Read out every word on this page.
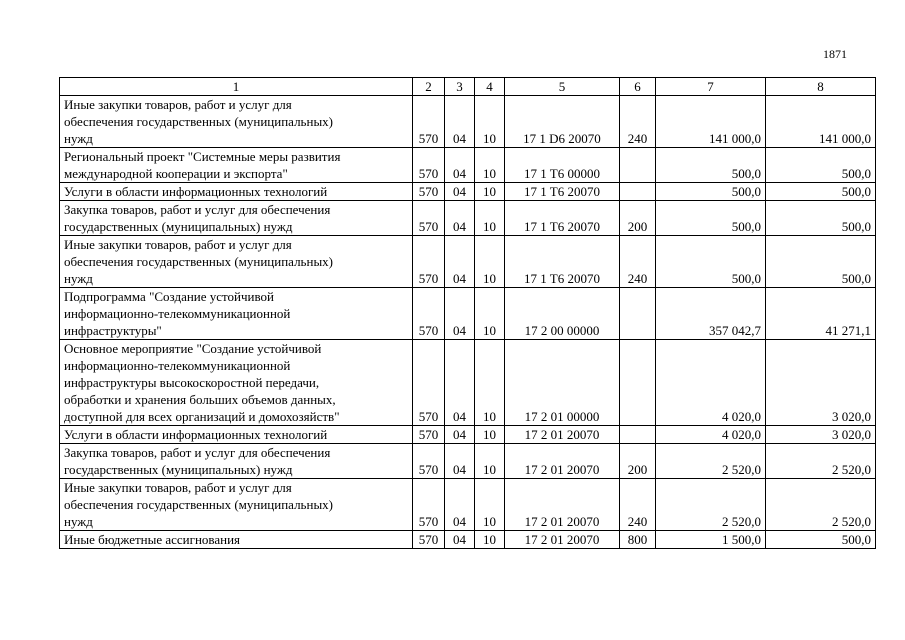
1871
1	2	3	4	5	6	7	8
Иные закупки товаров, работ и услуг для
обеспечения государственных (муниципальных)
нужд	570	04	10	17 1 D6 20070	240	141 000,0	141 000,0
Региональный проект "Системные меры развития
международной кооперации и экспорта"	570	04	10	17 1 T6 00000		500,0	500,0
Услуги в области информационных технологий	570	04	10	17 1 T6 20070		500,0	500,0
Закупка товаров, работ и услуг для обеспечения
государственных (муниципальных) нужд	570	04	10	17 1 T6 20070	200	500,0	500,0
Иные закупки товаров, работ и услуг для
обеспечения государственных (муниципальных)
нужд	570	04	10	17 1 T6 20070	240	500,0	500,0
Подпрограмма "Создание устойчивой
информационно-телекоммуникационной
инфраструктуры"	570	04	10	17 2 00 00000		357 042,7	41 271,1
Основное мероприятие "Создание устойчивой
информационно-телекоммуникационной
инфраструктуры высокоскоростной передачи,
обработки и хранения больших объемов данных,
доступной для всех организаций и домохозяйств"	570	04	10	17 2 01 00000		4 020,0	3 020,0
Услуги в области информационных технологий	570	04	10	17 2 01 20070		4 020,0	3 020,0
Закупка товаров, работ и услуг для обеспечения
государственных (муниципальных) нужд	570	04	10	17 2 01 20070	200	2 520,0	2 520,0
Иные закупки товаров, работ и услуг для
обеспечения государственных (муниципальных)
нужд	570	04	10	17 2 01 20070	240	2 520,0	2 520,0
Иные бюджетные ассигнования	570	04	10	17 2 01 20070	800	1 500,0	500,0
